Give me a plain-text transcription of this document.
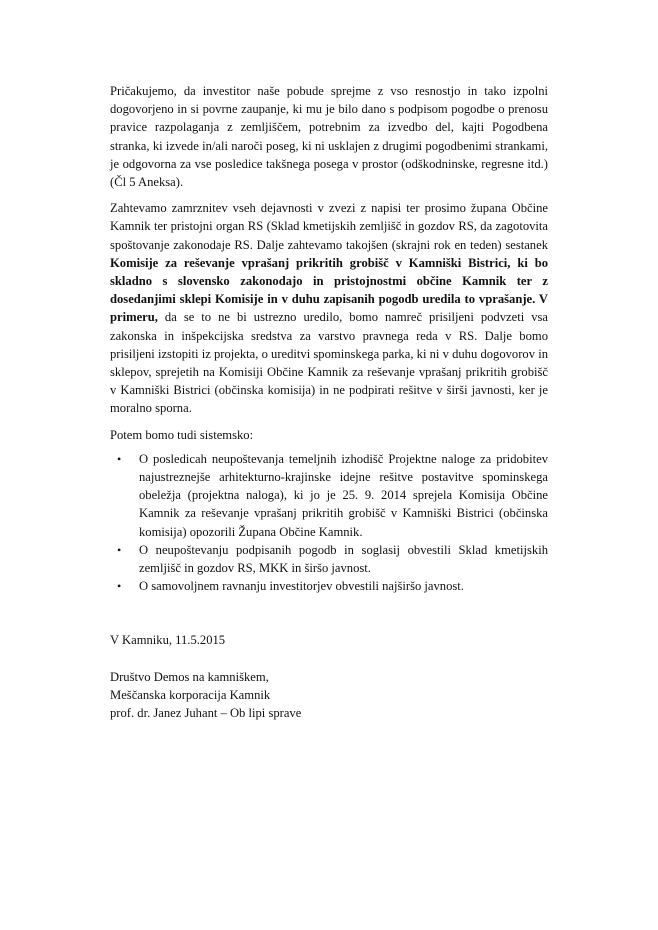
Pričakujemo, da investitor naše pobude sprejme z vso resnostjo in tako izpolni dogovorjeno in si povrne zaupanje, ki mu je bilo dano s podpisom pogodbe o prenosu pravice razpolaganja z zemljiščem, potrebnim za izvedbo del, kajti Pogodbena stranka, ki izvede in/ali naroči poseg, ki ni usklajen z drugimi pogodbenimi strankami, je odgovorna za vse posledice takšnega posega v prostor (odškodninske, regresne itd.) (Čl 5 Aneksa).

Zahtevamo zamrznitev vseh dejavnosti v zvezi z napisi ter prosimo župana Občine Kamnik ter pristojni organ RS (Sklad kmetijskih zemljišč in gozdov RS, da zagotovita spoštovanje zakonodaje RS. Dalje zahtevamo takojšen (skrajni rok en teden) sestanek Komisije za reševanje vprašanj prikritih grobišč v Kamniški Bistrici, ki bo skladno s slovensko zakonodajo in pristojnostmi občine Kamnik ter z dosedanjimi sklepi Komisije in v duhu zapisanih pogodb uredila to vprašanje. V primeru, da se to ne bi ustrezno uredilo, bomo namreč prisiljeni podvzeti vsa zakonska in inšpekcijska sredstva za varstvo pravnega reda v RS. Dalje bomo prisiljeni izstopiti iz projekta, o ureditvi spominskega parka, ki ni v duhu dogovorov in sklepov, sprejetih na Komisiji Občine Kamnik za reševanje vprašanj prikritih grobišč v Kamniški Bistrici (občinska komisija) in ne podpirati rešitve v širši javnosti, ker je moralno sporna.

Potem bomo tudi sistemsko:

• O posledicah neupoštevanja temeljnih izhodišč Projektne naloge za pridobitev najustreznejše arhitekturno-krajinske idejne rešitve postavitve spominskega obeležja (projektna naloga), ki jo je 25. 9. 2014 sprejela Komisija Občine Kamnik za reševanje vprašanj prikritih grobišč v Kamniški Bistrici (občinska komisija) opozorili Župana Občine Kamnik.
• O neupoštevanju podpisanih pogodb in soglasij obvestili Sklad kmetijskih zemljišč in gozdov RS, MKK in širšo javnost.
• O samovoljnem ravnanju investitorjev obvestili najširšo javnost.

V Kamniku, 11.5.2015

Društvo Demos na kamniškem,

Meščanska korporacija Kamnik

prof. dr. Janez Juhant – Ob lipi sprave
